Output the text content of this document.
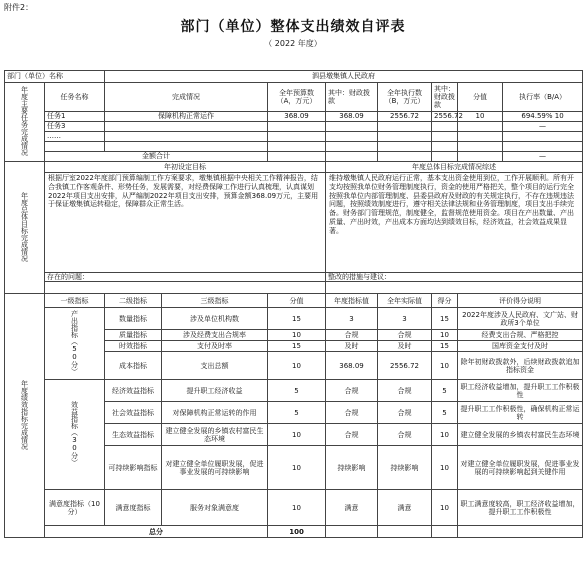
附件2：
部门（单位）整体支出绩效自评表
（ 2022 年度）
部门（单位）名称		泗县墩集镇人民政府							
年度主要任务完成情况	任务名称	完成情况		全年预算数（A，万元）	其中：财政拨款	全年执行数（B，万元）	其中：财政拨款	分值	执行率（B/A）
	任务1	保障机构正常运作		368.09	368.09	2556.72	2556.72	10	694.59% 10
	任务3								—
	……								

	金额合计								—
年度总体目标完成情况	年初设定目标				年度总体目标完成情况综述				
	根据厅室2022年度部门预算编制工作方案要求，墩集镇根据中央相关工作精神报告，结合我镇工作客观条件、形势任务，发展需要，对经费保障工作进行认真梳理，认真谋划2022年项目支出安排，从严编制2022年项目支出安排，预算金额368.09万元，主要用于保证墩集镇运转稳定，保障群众正常生活。				维持墩集镇人民政府运行正常，基本支出资金使用到位，工作开展顺利。所有开支均按照我单位财务管理制度执行，资金的使用严格把关，整个项目的运行完全按照我单位内部管理制度、县委县政府及财政的有关规定执行，不存在违规违法问题，按照绩效制度进行，遵守相关法律法规和业务管理制度，项目支出手续完备。财务部门管理规范，制度健全，监督规范使用资金。项目在产出数量、产出质量、产出时效，产出成本方面均达到绩效目标，经济效益，社会效益成果显著。				
	存在的问题：				整改的措施与建议：				

年度绩效指标完成情况	一级指标	二级指标	三级指标	分值	年度指标值	全年实际值	得分	评价得分说明	
	产出指标（50分）	数量指标	涉及单位机构数	15	3	3	15	2022年度涉及人民政府、文广站、财政所3个单位	
		质量指标	涉及经费支出合规率	10	合规	合规	10	经费支出合规、严格把控	
		时效指标	支付及时率	15	及时	及时	15	国库资金支付及时	
		成本指标	支出总额	10	368.09	2556.72	10	除年初财政拨款外，后续财政拨款追加指标资金	
	效益指标（30分）	经济效益指标	提升职工经济收益	5	合规	合规	5	职工经济收益增加，提升职工工作积极性	
		社会效益指标	对保障机构正常运转的作用	5	合规	合规	5	提升职工工作积极性，确保机构正常运转	
		生态效益指标	建立健全发展的乡镇农村富民生态环境	10	合规	合规	10	建立健全发展的乡镇农村富民生态环境	
		可持续影响指标	对建立健全单位履职发展，促进事业发展的可持续影响	10	持续影响	持续影响	10	对建立健全单位履职发展，促进事业发展的可持续影响起到关键作用	
	满意度指标（10分）	满意度指标	服务对象满意度	10	满意	满意	10	职工满意度较高，职工经济收益增加，提升职工工作积极性	
	总分			100					
